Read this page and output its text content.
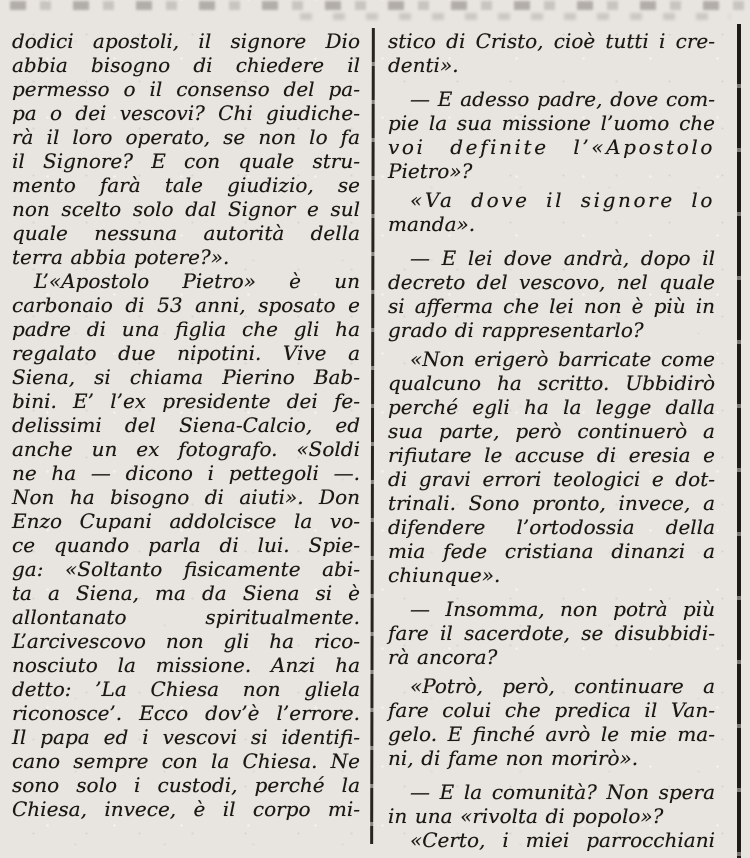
dodici apostoli, il signore Dio
abbia bisogno di chiedere il
permesso o il consenso del pa-
pa o dei vescovi? Chi giudiche-
rà il loro operato, se non lo fa
il Signore? E con quale stru-
mento farà tale giudizio, se
non scelto solo dal Signor e sul
quale nessuna autorità della
terra abbia potere?».
L’«Apostolo Pietro» è un
carbonaio di 53 anni, sposato e
padre di una figlia che gli ha
regalato due nipotini. Vive a
Siena, si chiama Pierino Bab-
bini. E’ l’ex presidente dei fe-
delissimi del Siena-Calcio, ed
anche un ex fotografo. «Soldi
ne ha — dicono i pettegoli —.
Non ha bisogno di aiuti». Don
Enzo Cupani addolcisce la vo-
ce quando parla di lui. Spie-
ga: «Soltanto fisicamente abi-
ta a Siena, ma da Siena si è
allontanato spiritualmente.
L’arcivescovo non gli ha rico-
nosciuto la missione. Anzi ha
detto: ’La Chiesa non gliela
riconosce’. Ecco dov’è l’errore.
Il papa ed i vescovi si identifi-
cano sempre con la Chiesa. Ne
sono solo i custodi, perché la
Chiesa, invece, è il corpo mi-
stico di Cristo, cioè tutti i cre-
denti».
— E adesso padre, dove com-
pie la sua missione l’uomo che
voi definite l’«Apostolo
Pietro»?
«Va dove il signore lo
manda».
— E lei dove andrà, dopo il
decreto del vescovo, nel quale
si afferma che lei non è più in
grado di rappresentarlo?
«Non erigerò barricate come
qualcuno ha scritto. Ubbidirò
perché egli ha la legge dalla
sua parte, però continuerò a
rifiutare le accuse di eresia e
di gravi errori teologici e dot-
trinali. Sono pronto, invece, a
difendere l’ortodossia della
mia fede cristiana dinanzi a
chiunque».
— Insomma, non potrà più
fare il sacerdote, se disubbidi-
rà ancora?
«Potrò, però, continuare a
fare colui che predica il Van-
gelo. E finché avrò le mie ma-
ni, di fame non morirò».
— E la comunità? Non spera
in una «rivolta di popolo»?
«Certo, i miei parrocchiani
